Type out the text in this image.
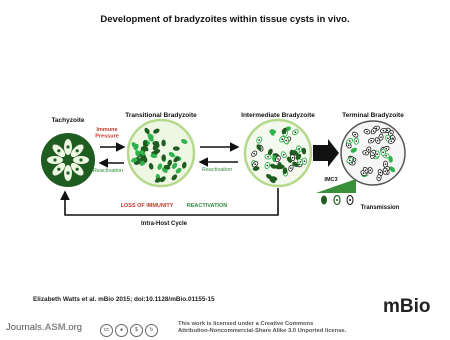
Development of bradyzoites within tissue cysts in vivo.
Tachyzoite
Transitional Bradyzoite	Intermediate Bradyzoite	Terminal Bradyzoite
Immune Pressure
Reactivation	Reactivation
IMC3
Transmission
LOSS OF IMMUNITY REACTIVATION
Intra-Host Cycle
Elizabeth Watts et al. mBio 2015; doi:10.1128/mBio.01155-15	mBio
Journals.ASM.org	cc ● $ ↻
This work is licensed under a Creative Commons
Attribution-Noncommercial-Share Alike 3.0 Unported license.
